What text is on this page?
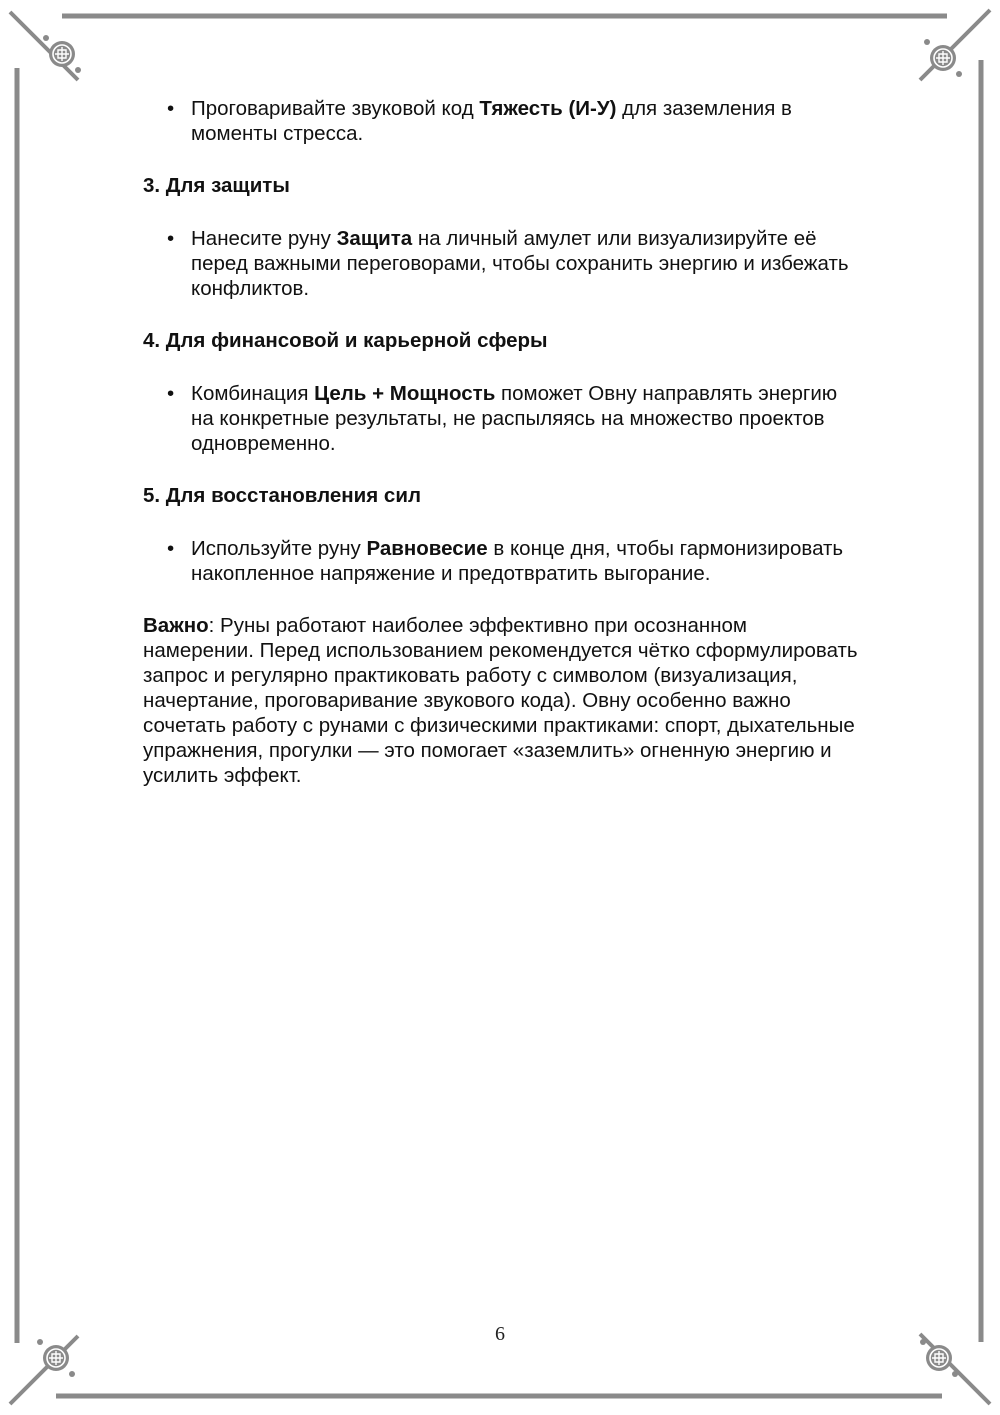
• Проговаривайте звуковой код Тяжесть (И-У) для заземления в моменты стресса.
3. Для защиты
• Нанесите руну Защита на личный амулет или визуализируйте её перед важными переговорами, чтобы сохранить энергию и избежать конфликтов.
4. Для финансовой и карьерной сферы
• Комбинация Цель + Мощность поможет Овну направлять энергию на конкретные результаты, не распыляясь на множество проектов одновременно.
5. Для восстановления сил
• Используйте руну Равновесие в конце дня, чтобы гармонизировать накопленное напряжение и предотвратить выгорание.
Важно: Руны работают наиболее эффективно при осознанном намерении. Перед использованием рекомендуется чётко сформулировать запрос и регулярно практиковать работу с символом (визуализация, начертание, проговаривание звукового кода). Овну особенно важно сочетать работу с рунами с физическими практиками: спорт, дыхательные упражнения, прогулки — это помогает «заземлить» огненную энергию и усилить эффект.
6
